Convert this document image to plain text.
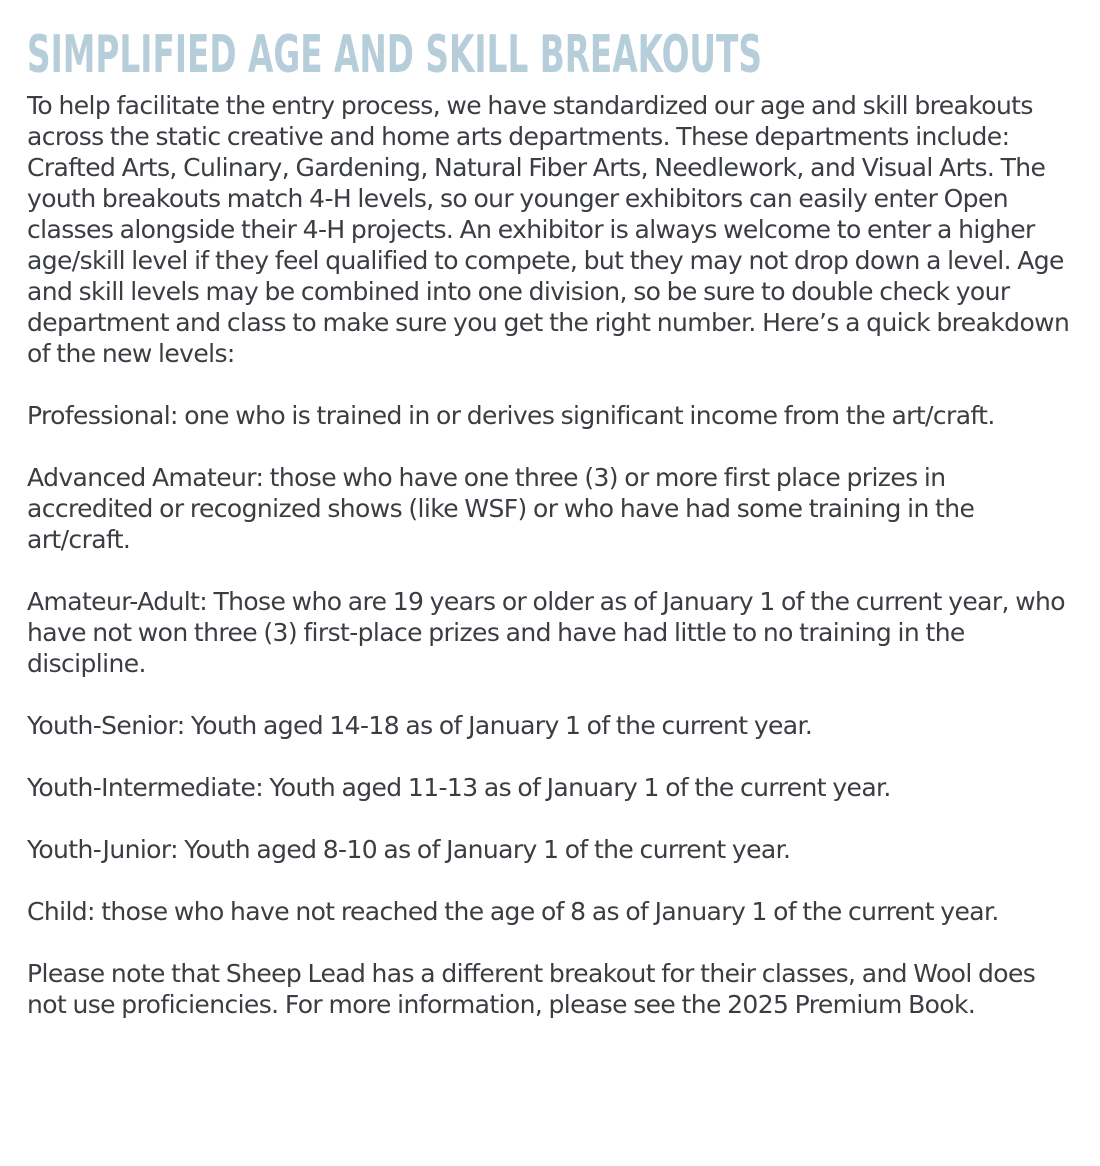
SIMPLIFIED AGE AND SKILL BREAKOUTS

To help facilitate the entry process, we have standardized our age and skill breakouts across the static creative and home arts departments. These departments include: Crafted Arts, Culinary, Gardening, Natural Fiber Arts, Needlework, and Visual Arts. The youth breakouts match 4-H levels, so our younger exhibitors can easily enter Open classes alongside their 4-H projects. An exhibitor is always welcome to enter a higher age/skill level if they feel qualified to compete, but they may not drop down a level. Age and skill levels may be combined into one division, so be sure to double check your department and class to make sure you get the right number. Here’s a quick breakdown of the new levels:

Professional: one who is trained in or derives significant income from the art/craft.

Advanced Amateur: those who have one three (3) or more first place prizes in accredited or recognized shows (like WSF) or who have had some training in the art/craft.

Amateur-Adult: Those who are 19 years or older as of January 1 of the current year, who have not won three (3) first-place prizes and have had little to no training in the discipline.

Youth-Senior: Youth aged 14-18 as of January 1 of the current year.

Youth-Intermediate: Youth aged 11-13 as of January 1 of the current year.

Youth-Junior: Youth aged 8-10 as of January 1 of the current year.

Child: those who have not reached the age of 8 as of January 1 of the current year.

Please note that Sheep Lead has a different breakout for their classes, and Wool does not use proficiencies. For more information, please see the 2025 Premium Book.
